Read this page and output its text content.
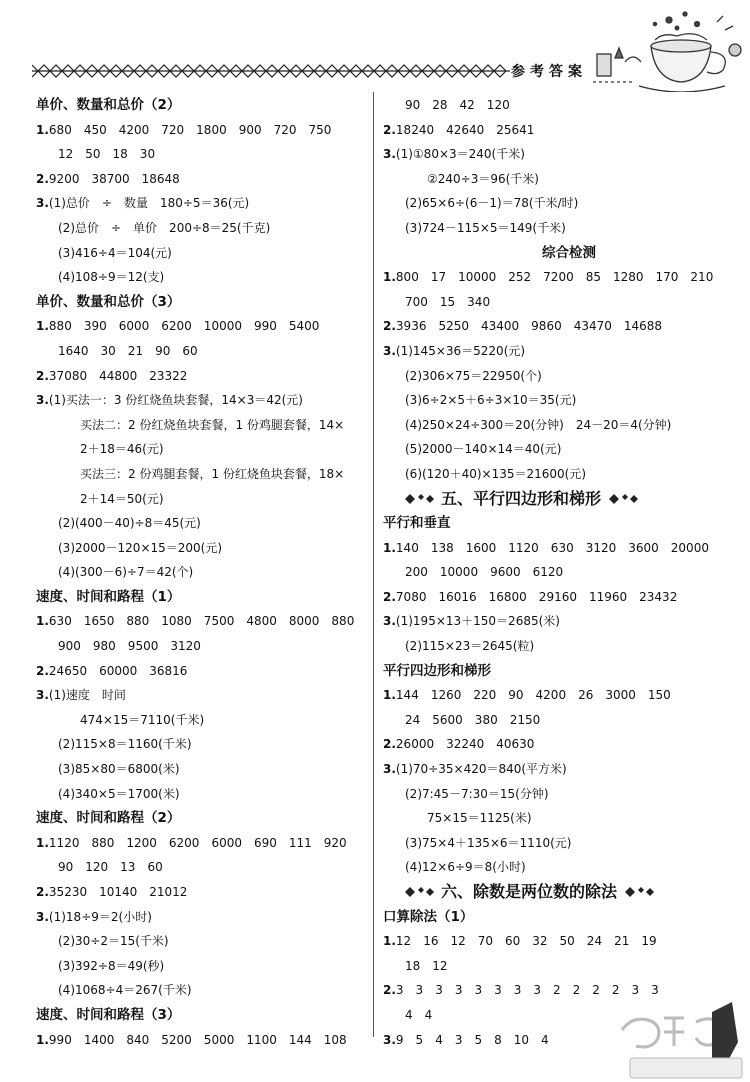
参考答案
单价、数量和总价（2）
1.680　450　4200　720　1800　900　720　750
12　50　18　30
2.9200　38700　18648
3.(1)总价　÷　数量　180÷5＝36(元)
(2)总价　÷　单价　200÷8＝25(千克)
(3)416÷4＝104(元)
(4)108÷9＝12(支)
单价、数量和总价（3）
1.880　390　6000　6200　10000　990　5400
1640　30　21　90　60
2.37080　44800　23322
3.(1)买法一：3 份红烧鱼块套餐，14×3＝42(元)
买法二：2 份红烧鱼块套餐，1 份鸡腿套餐，14×
2＋18＝46(元)
买法三：2 份鸡腿套餐，1 份红烧鱼块套餐，18×
2＋14＝50(元)
(2)(400－40)÷8＝45(元)
(3)2000－120×15＝200(元)
(4)(300－6)÷7＝42(个)
速度、时间和路程（1）
1.630　1650　880　1080　7500　4800　8000　880
900　980　9500　3120
2.24650　60000　36816
3.(1)速度　时间
474×15＝7110(千米)
(2)115×8＝1160(千米)
(3)85×80＝6800(米)
(4)340×5＝1700(米)
速度、时间和路程（2）
1.1120　880　1200　6200　6000　690　111　920
90　120　13　60
2.35230　10140　21012
3.(1)18÷9＝2(小时)
(2)30÷2＝15(千米)
(3)392÷8＝49(秒)
(4)1068÷4＝267(千米)
速度、时间和路程（3）
1.990　1400　840　5200　5000　1100　144　108
90　28　42　120
2.18240　42640　25641
3.(1)①80×3＝240(千米)
②240÷3＝96(千米)
(2)65×6÷(6－1)＝78(千米/时)
(3)724－115×5＝149(千米)
综合检测
1.800　17　10000　252　7200　85　1280　170　210
700　15　340
2.3936　5250　43400　9860　43470　14688
3.(1)145×36＝5220(元)
(2)306×75＝22950(个)
(3)6÷2×5＋6÷3×10＝35(元)
(4)250×24÷300＝20(分钟)　24－20＝4(分钟)
(5)2000－140×14＝40(元)
(6)(120＋40)×135＝21600(元)
五、平行四边形和梯形
平行和垂直
1.140　138　1600　1120　630　3120　3600　20000
200　10000　9600　6120
2.7080　16016　16800　29160　11960　23432
3.(1)195×13＋150＝2685(米)
(2)115×23＝2645(粒)
平行四边形和梯形
1.144　1260　220　90　4200　26　3000　150
24　5600　380　2150
2.26000　32240　40630
3.(1)70÷35×420＝840(平方米)
(2)7:45－7:30＝15(分钟)
75×15＝1125(米)
(3)75×4＋135×6＝1110(元)
(4)12×6÷9＝8(小时)
六、除数是两位数的除法
口算除法（1）
1.12　16　12　70　60　32　50　24　21　19
18　12
2.3　3　3　3　3　3　3　3　2　2　2　2　3　3
4　4
3.9　5　4　3　5　8　10　4
